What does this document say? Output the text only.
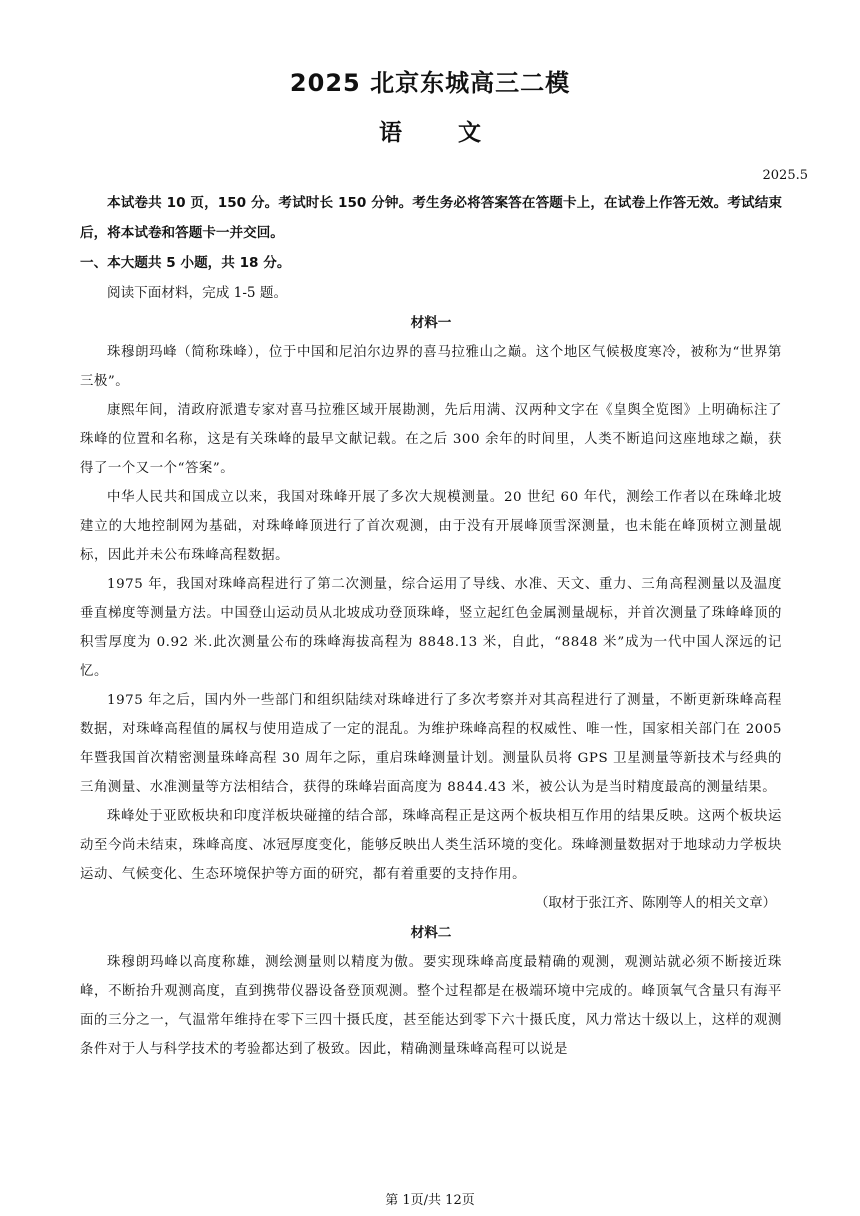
2025 北京东城高三二模
语文
2025.5

本试卷共 10 页，150 分。考试时长 150 分钟。考生务必将答案答在答题卡上，在试卷上作答无效。考试结束后，将本试卷和答题卡一并交回。

一、本大题共 5 小题，共 18 分。

阅读下面材料，完成 1-5 题。

材料一

珠穆朗玛峰（简称珠峰），位于中国和尼泊尔边界的喜马拉雅山之巅。这个地区气候极度寒冷，被称为“世界第三极”。

康熙年间，清政府派遣专家对喜马拉雅区域开展勘测，先后用满、汉两种文字在《皇舆全览图》上明确标注了珠峰的位置和名称，这是有关珠峰的最早文献记载。在之后 300 余年的时间里，人类不断追问这座地球之巅，获得了一个又一个“答案”。

中华人民共和国成立以来，我国对珠峰开展了多次大规模测量。20 世纪 60 年代，测绘工作者以在珠峰北坡建立的大地控制网为基础，对珠峰峰顶进行了首次观测，由于没有开展峰顶雪深测量，也未能在峰顶树立测量觇标，因此并未公布珠峰高程数据。

1975 年，我国对珠峰高程进行了第二次测量，综合运用了导线、水准、天文、重力、三角高程测量以及温度垂直梯度等测量方法。中国登山运动员从北坡成功登顶珠峰，竖立起红色金属测量觇标，并首次测量了珠峰峰顶的积雪厚度为 0.92 米.此次测量公布的珠峰海拔高程为 8848.13 米，自此，“8848 米”成为一代中国人深远的记忆。

1975 年之后，国内外一些部门和组织陆续对珠峰进行了多次考察并对其高程进行了测量，不断更新珠峰高程数据，对珠峰高程值的属权与使用造成了一定的混乱。为维护珠峰高程的权威性、唯一性，国家相关部门在 2005 年暨我国首次精密测量珠峰高程 30 周年之际，重启珠峰测量计划。测量队员将 GPS 卫星测量等新技术与经典的三角测量、水准测量等方法相结合，获得的珠峰岩面高度为 8844.43 米，被公认为是当时精度最高的测量结果。

珠峰处于亚欧板块和印度洋板块碰撞的结合部，珠峰高程正是这两个板块相互作用的结果反映。这两个板块运动至今尚未结束，珠峰高度、冰冠厚度变化，能够反映出人类生活环境的变化。珠峰测量数据对于地球动力学板块运动、气候变化、生态环境保护等方面的研究，都有着重要的支持作用。

（取材于张江齐、陈刚等人的相关文章）

材料二

珠穆朗玛峰以高度称雄，测绘测量则以精度为傲。要实现珠峰高度最精确的观测，观测站就必须不断接近珠峰，不断抬升观测高度，直到携带仪器设备登顶观测。整个过程都是在极端环境中完成的。峰顶氧气含量只有海平面的三分之一，气温常年维持在零下三四十摄氏度，甚至能达到零下六十摄氏度，风力常达十级以上，这样的观测条件对于人与科学技术的考验都达到了极致。因此，精确测量珠峰高程可以说是

第 1页/共 12页
